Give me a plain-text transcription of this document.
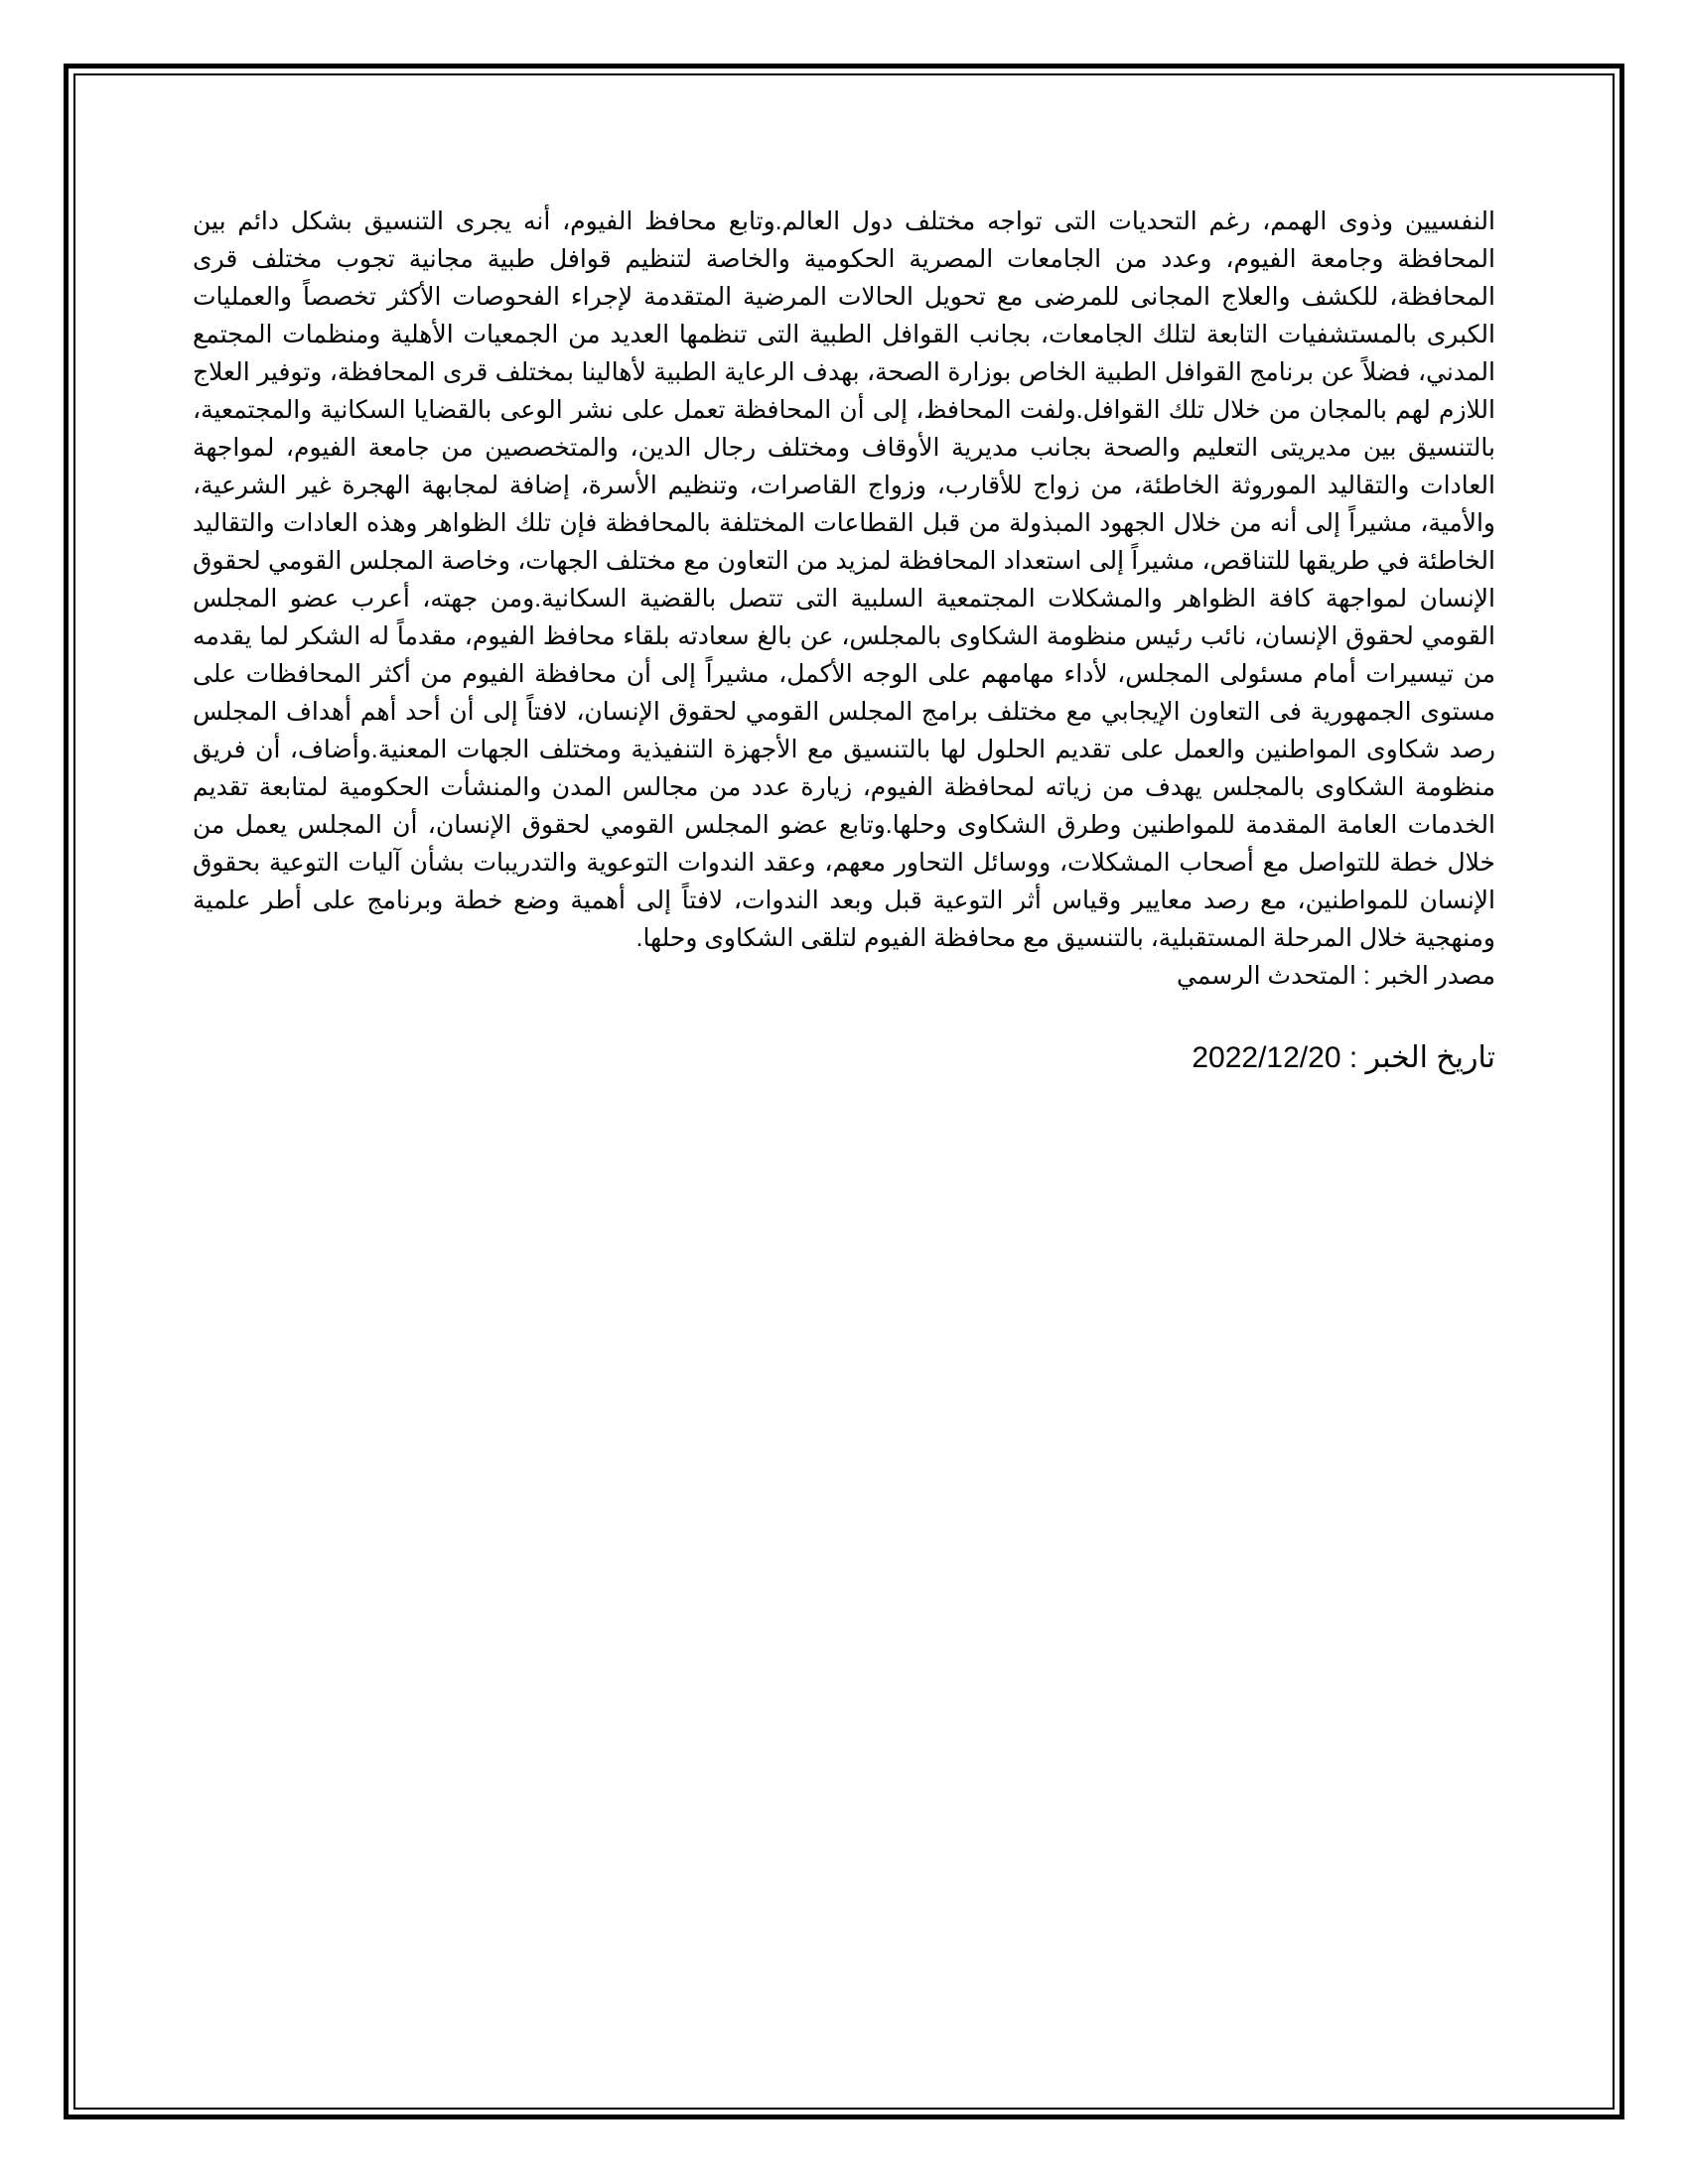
النفسيين وذوى الهمم، رغم التحديات التى تواجه مختلف دول العالم.وتابع محافظ الفيوم، أنه يجرى التنسيق بشكل دائم بين المحافظة وجامعة الفيوم، وعدد من الجامعات المصرية الحكومية والخاصة لتنظيم قوافل طبية مجانية تجوب مختلف قرى المحافظة، للكشف والعلاج المجانى للمرضى مع تحويل الحالات المرضية المتقدمة لإجراء الفحوصات الأكثر تخصصاً والعمليات الكبرى بالمستشفيات التابعة لتلك الجامعات، بجانب القوافل الطبية التى تنظمها العديد من الجمعيات الأهلية ومنظمات المجتمع المدني، فضلاً عن برنامج القوافل الطبية الخاص بوزارة الصحة، بهدف الرعاية الطبية لأهالينا بمختلف قرى المحافظة، وتوفير العلاج اللازم لهم بالمجان من خلال تلك القوافل.ولفت المحافظ، إلى أن المحافظة تعمل على نشر الوعى بالقضايا السكانية والمجتمعية، بالتنسيق بين مديريتى التعليم والصحة بجانب مديرية الأوقاف ومختلف رجال الدين، والمتخصصين من جامعة الفيوم، لمواجهة العادات والتقاليد الموروثة الخاطئة، من زواج للأقارب، وزواج القاصرات، وتنظيم الأسرة، إضافة لمجابهة الهجرة غير الشرعية، والأمية، مشيراً إلى أنه من خلال الجهود المبذولة من قبل القطاعات المختلفة بالمحافظة فإن تلك الظواهر وهذه العادات والتقاليد الخاطئة في طريقها للتناقص، مشيراً إلى استعداد المحافظة لمزيد من التعاون مع مختلف الجهات، وخاصة المجلس القومي لحقوق الإنسان لمواجهة كافة الظواهر والمشكلات المجتمعية السلبية التى تتصل بالقضية السكانية.ومن جهته، أعرب عضو المجلس القومي لحقوق الإنسان، نائب رئيس منظومة الشكاوى بالمجلس، عن بالغ سعادته بلقاء محافظ الفيوم، مقدماً له الشكر لما يقدمه من تيسيرات أمام مسئولى المجلس، لأداء مهامهم على الوجه الأكمل، مشيراً إلى أن محافظة الفيوم من أكثر المحافظات على مستوى الجمهورية فى التعاون الإيجابي مع مختلف برامج المجلس القومي لحقوق الإنسان، لافتاً إلى أن أحد أهم أهداف المجلس رصد شكاوى المواطنين والعمل على تقديم الحلول لها بالتنسيق مع الأجهزة التنفيذية ومختلف الجهات المعنية.وأضاف، أن فريق منظومة الشكاوى بالمجلس يهدف من زياته لمحافظة الفيوم، زيارة عدد من مجالس المدن والمنشأت الحكومية لمتابعة تقديم الخدمات العامة المقدمة للمواطنين وطرق الشكاوى وحلها.وتابع عضو المجلس القومي لحقوق الإنسان، أن المجلس يعمل من خلال خطة للتواصل مع أصحاب المشكلات، ووسائل التحاور معهم، وعقد الندوات التوعوية والتدريبات بشأن آليات التوعية بحقوق الإنسان للمواطنين، مع رصد معايير وقياس أثر التوعية قبل وبعد الندوات، لافتاً إلى أهمية وضع خطة وبرنامج على أطر علمية ومنهجية خلال المرحلة المستقبلية، بالتنسيق مع محافظة الفيوم لتلقى الشكاوى وحلها.

مصدر الخبر : المتحدث الرسمي

تاريخ الخبر : 2022/12/20
